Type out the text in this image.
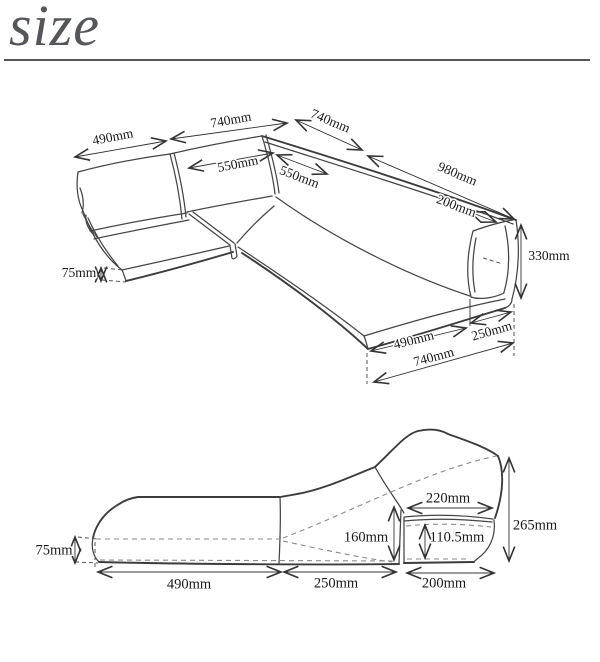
size
490mm
740mm	740mm
550mm 550mm	980mm
200mm
330mm
75mm
490mm	250mm
740mm
75mm
490mm	250mm	200mm
160mm
220mm
110.5mm
265mm
